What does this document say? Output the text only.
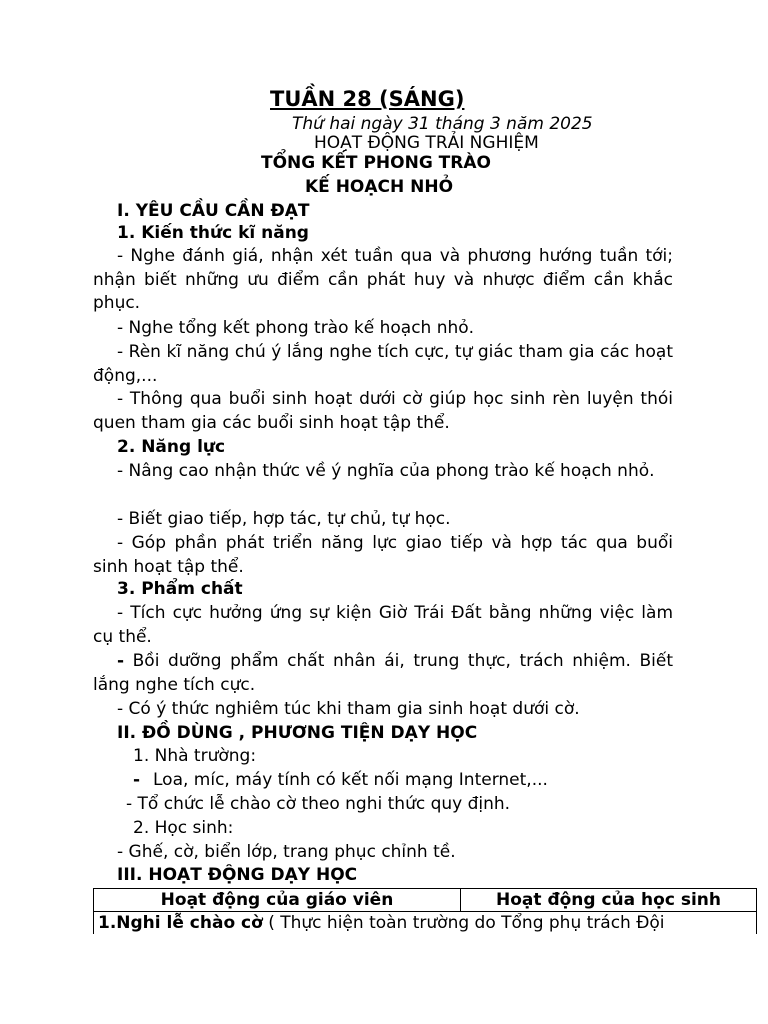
TUẦN 28 (SÁNG)
Thứ hai ngày 31 tháng 3 năm 2025
HOẠT ĐỘNG TRẢI NGHIỆM
TỔNG KẾT PHONG TRÀO
KẾ HOẠCH NHỎ
I. YÊU CẦU CẦN ĐẠT
1. Kiến thức kĩ năng
- Nghe đánh giá, nhận xét tuần qua và phương hướng tuần tới; nhận biết những ưu điểm cần phát huy và nhược điểm cần khắc phục.
- Nghe tổng kết phong trào kế hoạch nhỏ.
- Rèn kĩ năng chú ý lắng nghe tích cực, tự giác tham gia các hoạt động,...
- Thông qua buổi sinh hoạt dưới cờ giúp học sinh rèn luyện thói quen tham gia các buổi sinh hoạt tập thể.
2. Năng lực
- Nâng cao nhận thức về ý nghĩa của phong trào kế hoạch nhỏ.
- Biết giao tiếp, hợp tác, tự chủ, tự học.
- Góp phần phát triển năng lực giao tiếp và hợp tác qua buổi sinh hoạt tập thể.
3. Phẩm chất
- Tích cực hưởng ứng sự kiện Giờ Trái Đất bằng những việc làm cụ thể.
- Bồi dưỡng phẩm chất nhân ái, trung thực, trách nhiệm. Biết lắng nghe tích cực.
- Có ý thức nghiêm túc khi tham gia sinh hoạt dưới cờ.
II. ĐỒ DÙNG , PHƯƠNG TIỆN DẠY HỌC
1. Nhà trường:
- Loa, míc, máy tính có kết nối mạng Internet,...
- Tổ chức lễ chào cờ theo nghi thức quy định.
2. Học sinh:
- Ghế, cờ, biển lớp, trang phục chỉnh tề.
III. HOẠT ĐỘNG DẠY HỌC
Hoạt động của giáo viên	Hoạt động của học sinh
1.Nghi lễ chào cờ ( Thực hiện toàn trường do Tổng phụ trách Đội
